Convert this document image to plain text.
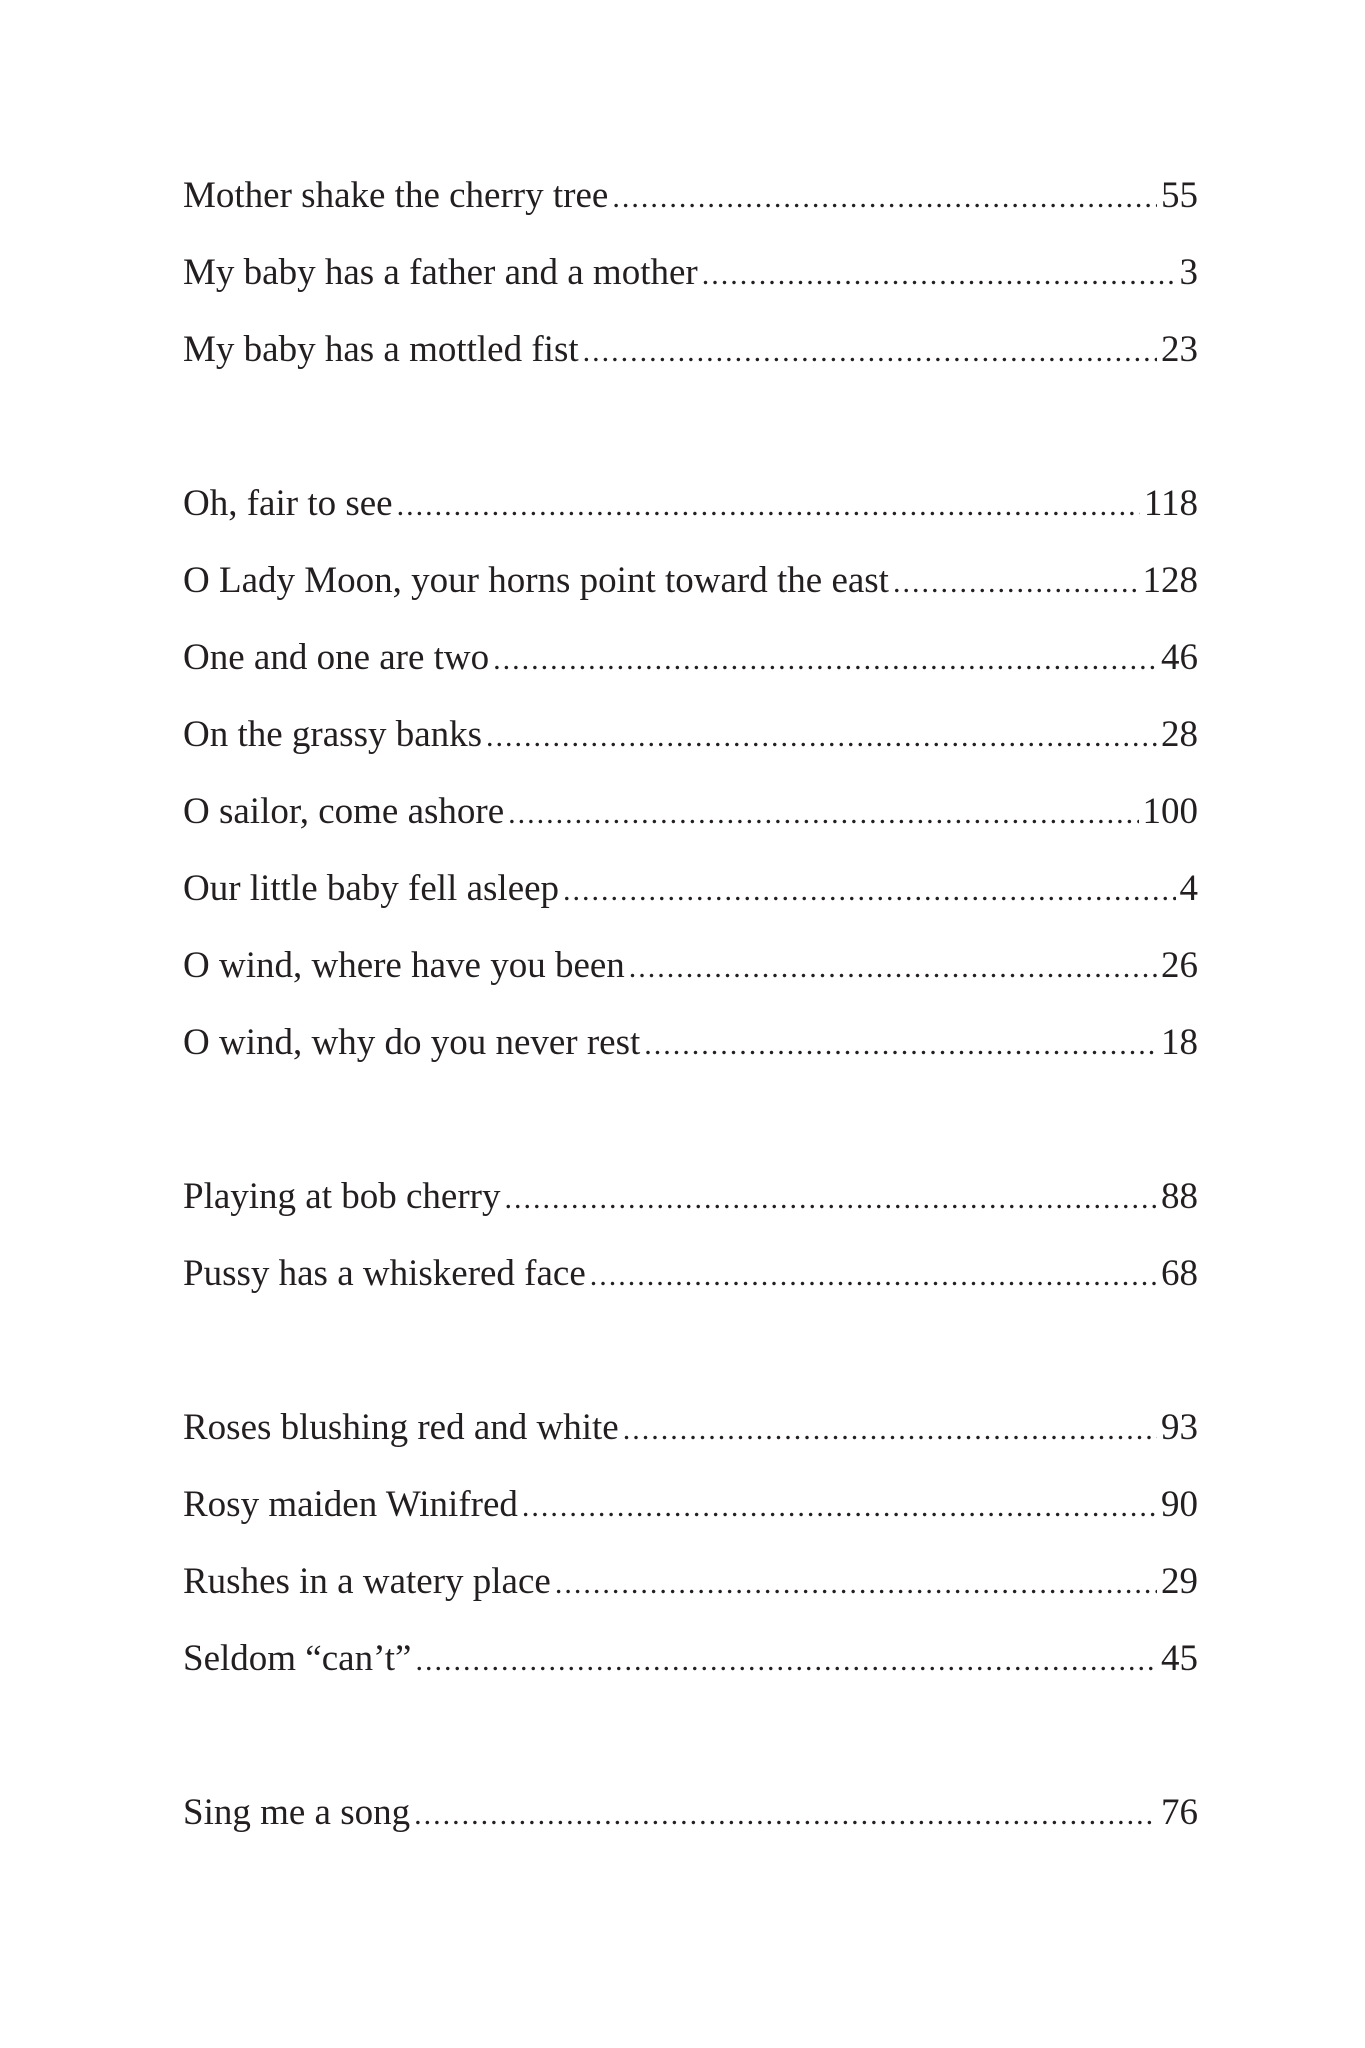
Mother shake the cherry tree .....	55
My baby has a father and a mother .....	3
My baby has a mottled fist .....	23
Oh, fair to see .....	118
O Lady Moon, your horns point toward the east .....	128
One and one are two .....	46
On the grassy banks .....	28
O sailor, come ashore .....	100
Our little baby fell asleep .....	4
O wind, where have you been .....	26
O wind, why do you never rest .....	18
Playing at bob cherry .....	88
Pussy has a whiskered face .....	68
Roses blushing red and white .....	93
Rosy maiden Winifred .....	90
Rushes in a watery place .....	29
Seldom “can’t” .....	45
Sing me a song .....	76
